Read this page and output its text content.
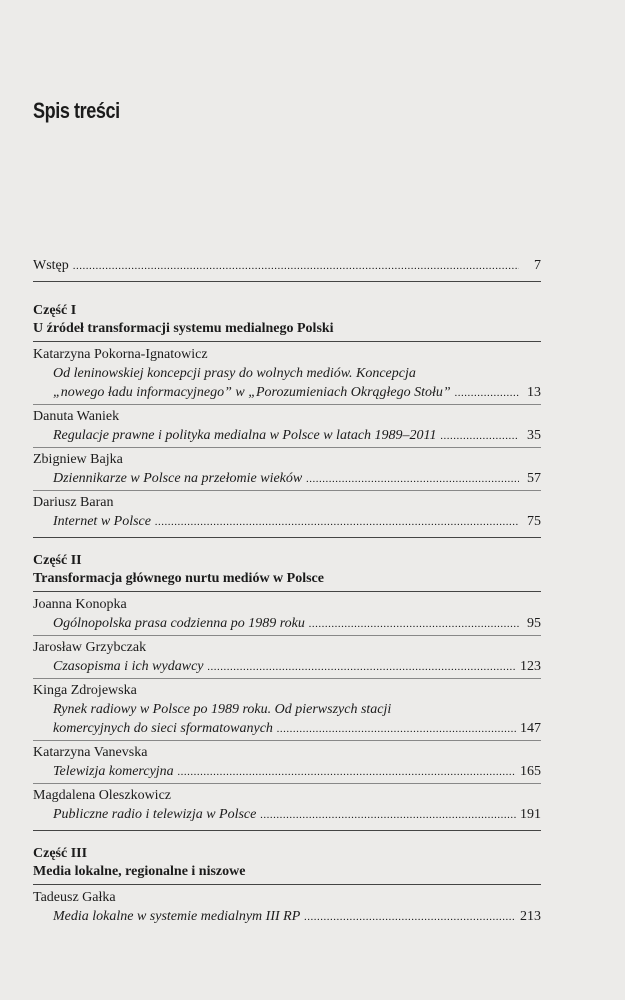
Spis treści
Wstęp .....	7
Część I
U źródeł transformacji systemu medialnego Polski
Katarzyna Pokorna-Ignatowicz
Od leninowskiej koncepcji prasy do wolnych mediów. Koncepcja
„nowego ładu informacyjnego” w „Porozumieniach Okrągłego Stołu” .....	13
Danuta Waniek
Regulacje prawne i polityka medialna w Polsce w latach 1989–2011 .....	35
Zbigniew Bajka
Dziennikarze w Polsce na przełomie wieków .....	57
Dariusz Baran
Internet w Polsce .....	75
Część II
Transformacja głównego nurtu mediów w Polsce
Joanna Konopka
Ogólnopolska prasa codzienna po 1989 roku .....	95
Jarosław Grzybczak
Czasopisma i ich wydawcy .....	123
Kinga Zdrojewska
Rynek radiowy w Polsce po 1989 roku. Od pierwszych stacji
komercyjnych do sieci sformatowanych .....	147
Katarzyna Vanevska
Telewizja komercyjna .....	165
Magdalena Oleszkowicz
Publiczne radio i telewizja w Polsce .....	191
Część III
Media lokalne, regionalne i niszowe
Tadeusz Gałka
Media lokalne w systemie medialnym III RP .....	213
